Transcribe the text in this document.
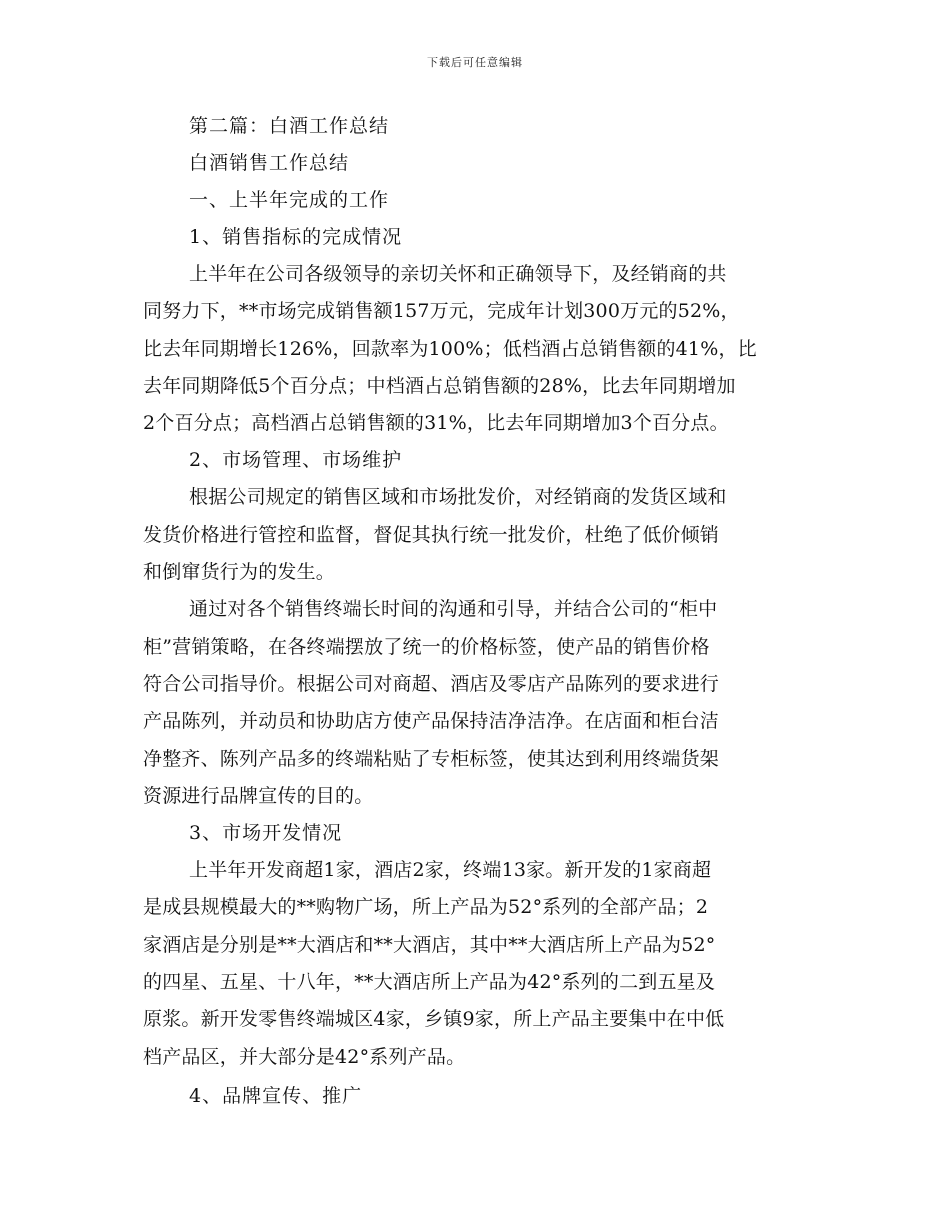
下载后可任意编辑
第二篇：白酒工作总结
白酒销售工作总结
一、上半年完成的工作
1、销售指标的完成情况
上半年在公司各级领导的亲切关怀和正确领导下，及经销商的共
同努力下，**市场完成销售额157万元，完成年计划300万元的52%，
比去年同期增长126%，回款率为100%；低档酒占总销售额的41%，比
去年同期降低5个百分点；中档酒占总销售额的28%，比去年同期增加
2个百分点；高档酒占总销售额的31%，比去年同期增加3个百分点。
2、市场管理、市场维护
根据公司规定的销售区域和市场批发价，对经销商的发货区域和
发货价格进行管控和监督，督促其执行统一批发价，杜绝了低价倾销
和倒窜货行为的发生。
通过对各个销售终端长时间的沟通和引导，并结合公司的“柜中
柜”营销策略，在各终端摆放了统一的价格标签，使产品的销售价格
符合公司指导价。根据公司对商超、酒店及零店产品陈列的要求进行
产品陈列，并动员和协助店方使产品保持洁净洁净。在店面和柜台洁
净整齐、陈列产品多的终端粘贴了专柜标签，使其达到利用终端货架
资源进行品牌宣传的目的。
3、市场开发情况
上半年开发商超1家，酒店2家，终端13家。新开发的1家商超
是成县规模最大的**购物广场，所上产品为52°系列的全部产品；2
家酒店是分别是**大酒店和**大酒店，其中**大酒店所上产品为52°
的四星、五星、十八年，**大酒店所上产品为42°系列的二到五星及
原浆。新开发零售终端城区4家，乡镇9家，所上产品主要集中在中低
档产品区，并大部分是42°系列产品。
4、品牌宣传、推广
